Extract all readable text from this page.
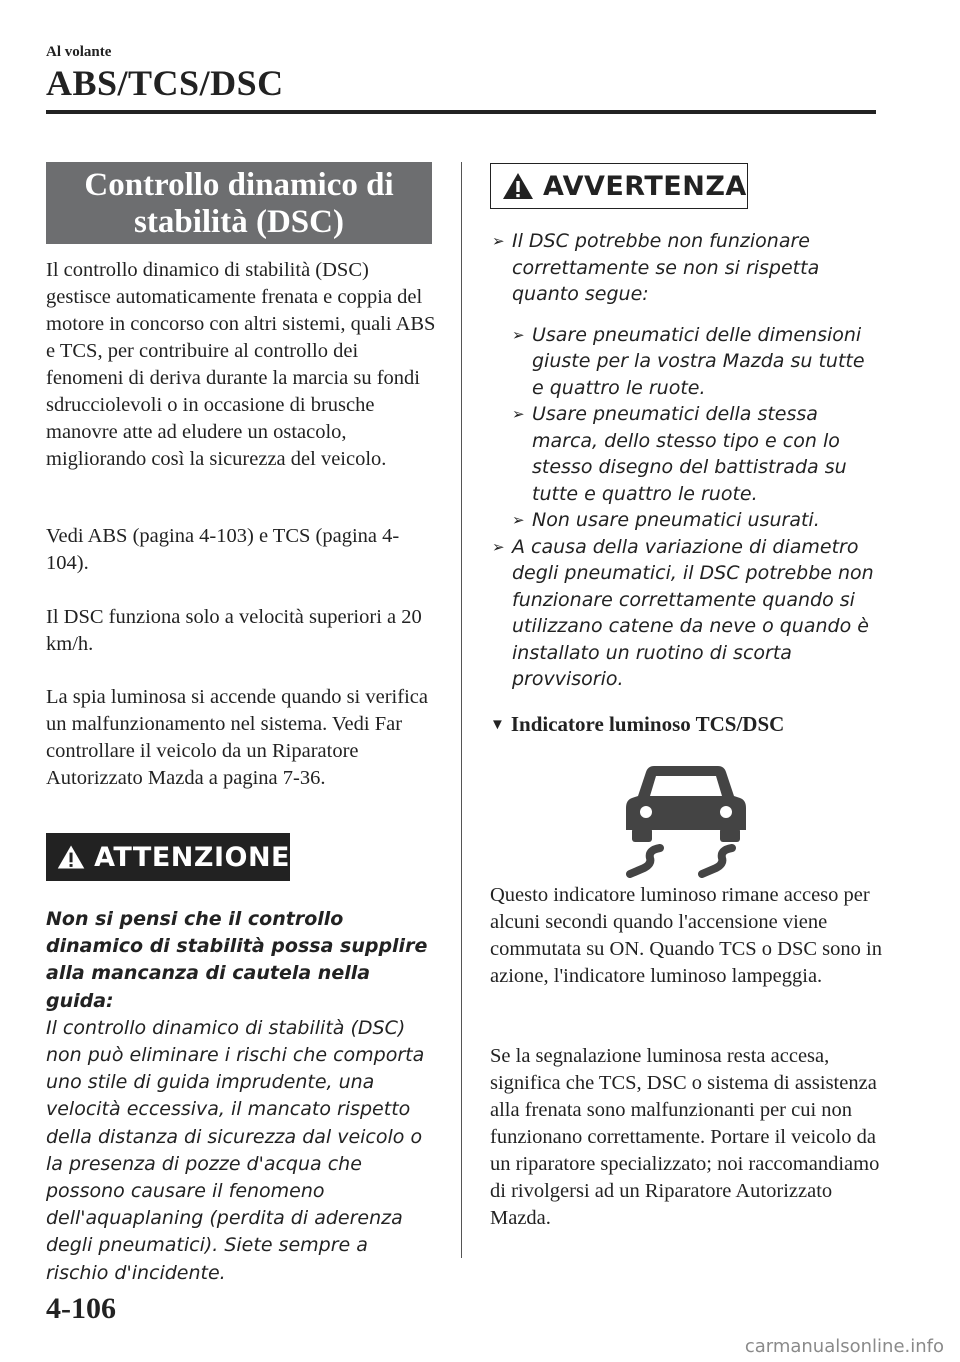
Al volante
ABS/TCS/DSC
Controllo dinamico di
stabilità (DSC)

Il controllo dinamico di stabilità (DSC) gestisce automaticamente frenata e coppia del motore in concorso con altri sistemi, quali ABS e TCS, per contribuire al controllo dei fenomeni di deriva durante la marcia su fondi sdrucciolevoli o in occasione di brusche manovre atte ad eludere un ostacolo, migliorando così la sicurezza del veicolo.

Vedi ABS (pagina 4-103) e TCS (pagina 4-104).

Il DSC funziona solo a velocità superiori a 20 km/h.

La spia luminosa si accende quando si verifica un malfunzionamento nel sistema. Vedi Far controllare il veicolo da un Riparatore Autorizzato Mazda a pagina 7-36.

ATTENZIONE
Non si pensi che il controllo dinamico di stabilità possa supplire alla mancanza di cautela nella guida:
Il controllo dinamico di stabilità (DSC) non può eliminare i rischi che comporta uno stile di guida imprudente, una velocità eccessiva, il mancato rispetto della distanza di sicurezza dal veicolo o la presenza di pozze d'acqua che possono causare il fenomeno dell'aquaplaning (perdita di aderenza degli pneumatici). Siete sempre a rischio d'incidente.
AVVERTENZA
➢ Il DSC potrebbe non funzionare correttamente se non si rispetta quanto segue:
➢ Usare pneumatici delle dimensioni giuste per la vostra Mazda su tutte e quattro le ruote.
➢ Usare pneumatici della stessa marca, dello stesso tipo e con lo stesso disegno del battistrada su tutte e quattro le ruote.
➢ Non usare pneumatici usurati.
➢ A causa della variazione di diametro degli pneumatici, il DSC potrebbe non funzionare correttamente quando si utilizzano catene da neve o quando è installato un ruotino di scorta provvisorio.
▼ Indicatore luminoso TCS/DSC

Questo indicatore luminoso rimane acceso per alcuni secondi quando l'accensione viene commutata su ON. Quando TCS o DSC sono in azione, l'indicatore luminoso lampeggia.

Se la segnalazione luminosa resta accesa, significa che TCS, DSC o sistema di assistenza alla frenata sono malfunzionanti per cui non funzionano correttamente. Portare il veicolo da un riparatore specializzato; noi raccomandiamo di rivolgersi ad un Riparatore Autorizzato Mazda.

4-106
carmanualsonline.info
